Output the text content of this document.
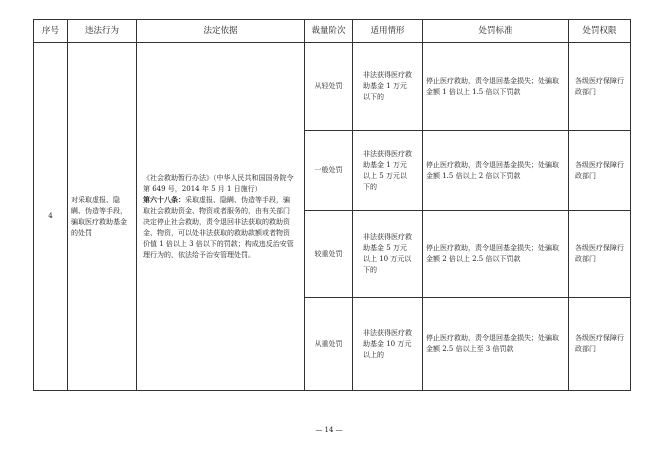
序号	违法行为	法定依据	裁量阶次	适用情形	处罚标准	处罚权限
4	对采取虚报、隐瞒、伪造等手段，骗取医疗救助基金的处罚	《社会救助暂行办法》（中华人民共和国国务院令第 649 号，2014 年 5 月 1 日施行）
第六十八条：采取虚报、隐瞒、伪造等手段，骗取社会救助资金、物资或者服务的，由有关部门决定停止社会救助，责令退回非法获取的救助资金、物资，可以处非法获取的救助款额或者物资价值 1 倍以上 3 倍以下的罚款；构成违反治安管理行为的，依法给予治安管理处罚。	从轻处罚	非法获得医疗救助基金 1 万元以下的	停止医疗救助，责令退回基金损失；处骗取金额 1 倍以上 1.5 倍以下罚款	各级医疗保障行政部门
			一般处罚	非法获得医疗救助基金 1 万元以上 5 万元以下的	停止医疗救助，责令退回基金损失；处骗取金额 1.5 倍以上 2 倍以下罚款	各级医疗保障行政部门
			较重处罚	非法获得医疗救助基金 5 万元以上 10 万元以下的	停止医疗救助，责令退回基金损失；处骗取金额 2 倍以上 2.5 倍以下罚款	各级医疗保障行政部门
			从重处罚	非法获得医疗救助基金 10 万元以上的	停止医疗救助，责令退回基金损失；处骗取金额 2.5 倍以上至 3 倍罚款	各级医疗保障行政部门
— 14 —
